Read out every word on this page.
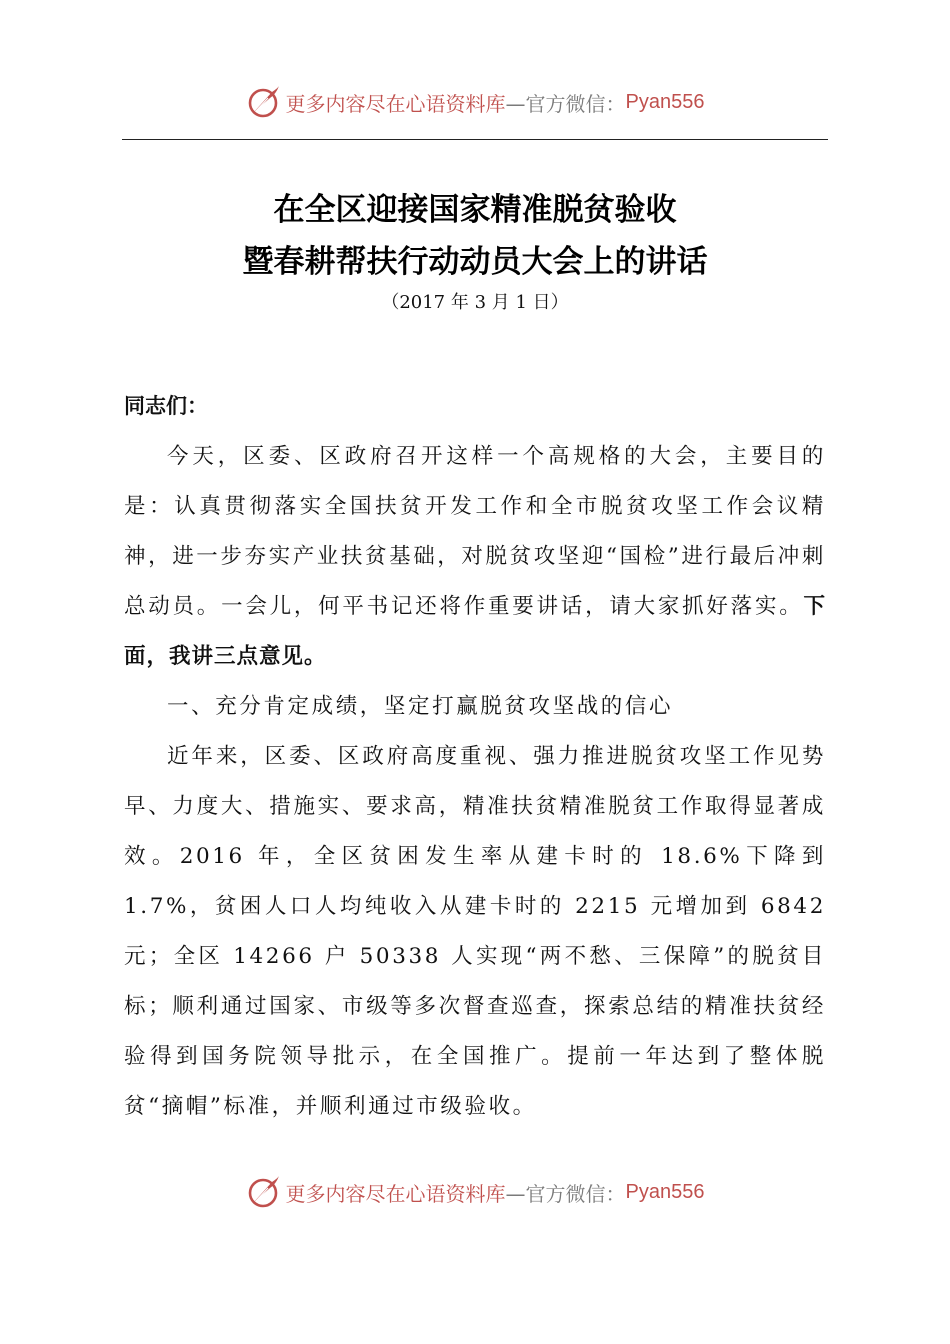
更多内容尽在心语资料库 —官方微信： Pyan556
在全区迎接国家精准脱贫验收
暨春耕帮扶行动动员大会上的讲话
（2017 年 3 月 1 日）
同志们：

今天，区委、区政府召开这样一个高规格的大会，主要目的是：认真贯彻落实全国扶贫开发工作和全市脱贫攻坚工作会议精神，进一步夯实产业扶贫基础，对脱贫攻坚迎“国检”进行最后冲刺总动员。一会儿，何平书记还将作重要讲话，请大家抓好落实。下面，我讲三点意见。

一、充分肯定成绩，坚定打赢脱贫攻坚战的信心

近年来，区委、区政府高度重视、强力推进脱贫攻坚工作见势早、力度大、措施实、要求高，精准扶贫精准脱贫工作取得显著成效。2016 年，全区贫困发生率从建卡时的 18.6%下降到 1.7%，贫困人口人均纯收入从建卡时的 2215 元增加到 6842 元；全区 14266 户 50338 人实现“两不愁、三保障”的脱贫目标；顺利通过国家、市级等多次督查巡查，探索总结的精准扶贫经验得到国务院领导批示，在全国推广。提前一年达到了整体脱贫“摘帽”标准，并顺利通过市级验收。

更多内容尽在心语资料库 —官方微信： Pyan556
